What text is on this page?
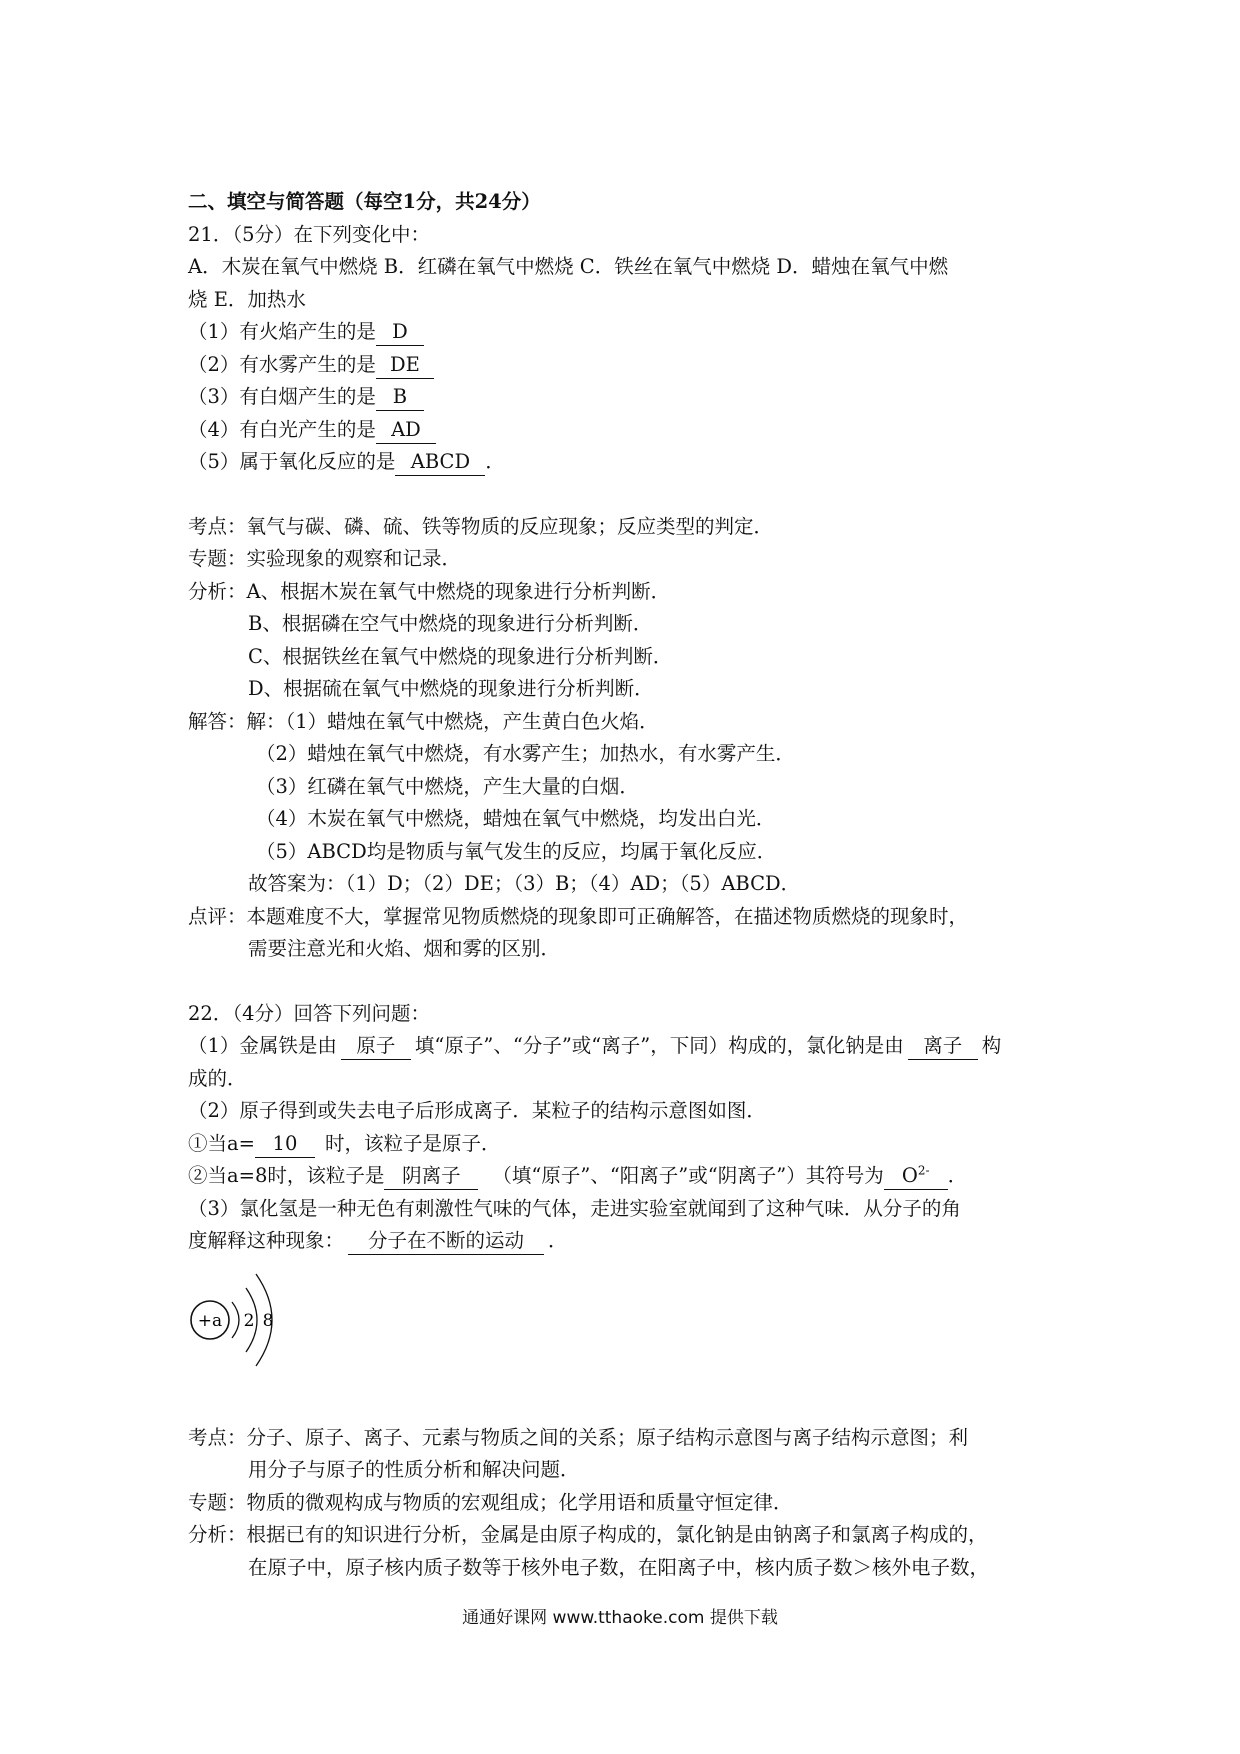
二、填空与简答题（每空1分，共24分）
21．（5分）在下列变化中：
A．木炭在氧气中燃烧 B．红磷在氧气中燃烧 C．铁丝在氧气中燃烧 D．蜡烛在氧气中燃
烧 E．加热水
（1）有火焰产生的是 D
（2）有水雾产生的是 DE
（3）有白烟产生的是 B
（4）有白光产生的是 AD
（5）属于氧化反应的是 ABCD ．
考点：氧气与碳、磷、硫、铁等物质的反应现象；反应类型的判定．
专题：实验现象的观察和记录．
分析：A、根据木炭在氧气中燃烧的现象进行分析判断．
B、根据磷在空气中燃烧的现象进行分析判断．
C、根据铁丝在氧气中燃烧的现象进行分析判断．
D、根据硫在氧气中燃烧的现象进行分析判断．
解答：解：（1）蜡烛在氧气中燃烧，产生黄白色火焰．
（2）蜡烛在氧气中燃烧，有水雾产生；加热水，有水雾产生．
（3）红磷在氧气中燃烧，产生大量的白烟．
（4）木炭在氧气中燃烧，蜡烛在氧气中燃烧，均发出白光．
（5）ABCD均是物质与氧气发生的反应，均属于氧化反应．
故答案为：（1）D；（2）DE；（3）B；（4）AD；（5）ABCD．
点评：本题难度不大，掌握常见物质燃烧的现象即可正确解答，在描述物质燃烧的现象时，
需要注意光和火焰、烟和雾的区别．
22．（4分）回答下列问题：
（1）金属铁是由 原子 填“原子”、“分子”或“离子”，下同）构成的，氯化钠是由 离子 构
成的．
（2）原子得到或失去电子后形成离子．某粒子的结构示意图如图．
①当a= 10 时，该粒子是原子．
②当a=8时，该粒子是 阴离子 （填“原子”、“阳离子”或“阴离子”）其符号为 $O^{2-}$ ．
（3）氯化氢是一种无色有刺激性气味的气体，走进实验室就闻到了这种气味．从分子的角
度解释这种现象： 分子在不断的运动 ．
+a 2 8
考点：分子、原子、离子、元素与物质之间的关系；原子结构示意图与离子结构示意图；利
用分子与原子的性质分析和解决问题．
专题：物质的微观构成与物质的宏观组成；化学用语和质量守恒定律．
分析：根据已有的知识进行分析，金属是由原子构成的，氯化钠是由钠离子和氯离子构成的，
在原子中，原子核内质子数等于核外电子数，在阳离子中，核内质子数＞核外电子数，
通通好课网 www.tthaoke.com 提供下载
